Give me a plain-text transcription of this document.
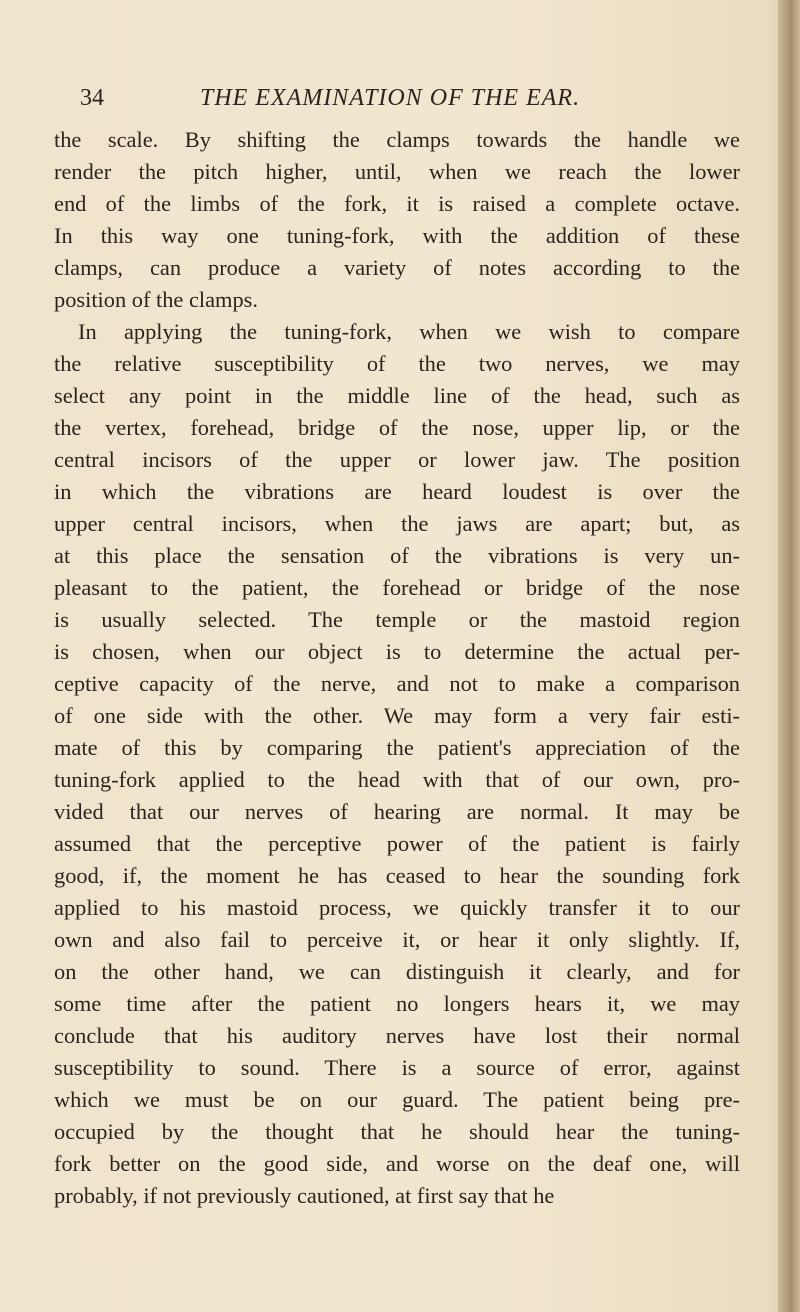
34	THE EXAMINATION OF THE EAR.
the scale. By shifting the clamps towards the handle we
render the pitch higher, until, when we reach the lower
end of the limbs of the fork, it is raised a complete octave.
In this way one tuning-fork, with the addition of these
clamps, can produce a variety of notes according to the
position of the clamps.
In applying the tuning-fork, when we wish to compare
the relative susceptibility of the two nerves, we may
select any point in the middle line of the head, such as
the vertex, forehead, bridge of the nose, upper lip, or the
central incisors of the upper or lower jaw. The position
in which the vibrations are heard loudest is over the
upper central incisors, when the jaws are apart; but, as
at this place the sensation of the vibrations is very un-
pleasant to the patient, the forehead or bridge of the nose
is usually selected. The temple or the mastoid region
is chosen, when our object is to determine the actual per-
ceptive capacity of the nerve, and not to make a comparison
of one side with the other. We may form a very fair esti-
mate of this by comparing the patient's appreciation of the
tuning-fork applied to the head with that of our own, pro-
vided that our nerves of hearing are normal. It may be
assumed that the perceptive power of the patient is fairly
good, if, the moment he has ceased to hear the sounding fork
applied to his mastoid process, we quickly transfer it to our
own and also fail to perceive it, or hear it only slightly. If,
on the other hand, we can distinguish it clearly, and for
some time after the patient no longers hears it, we may
conclude that his auditory nerves have lost their normal
susceptibility to sound. There is a source of error, against
which we must be on our guard. The patient being pre-
occupied by the thought that he should hear the tuning-
fork better on the good side, and worse on the deaf one, will
probably, if not previously cautioned, at first say that he
